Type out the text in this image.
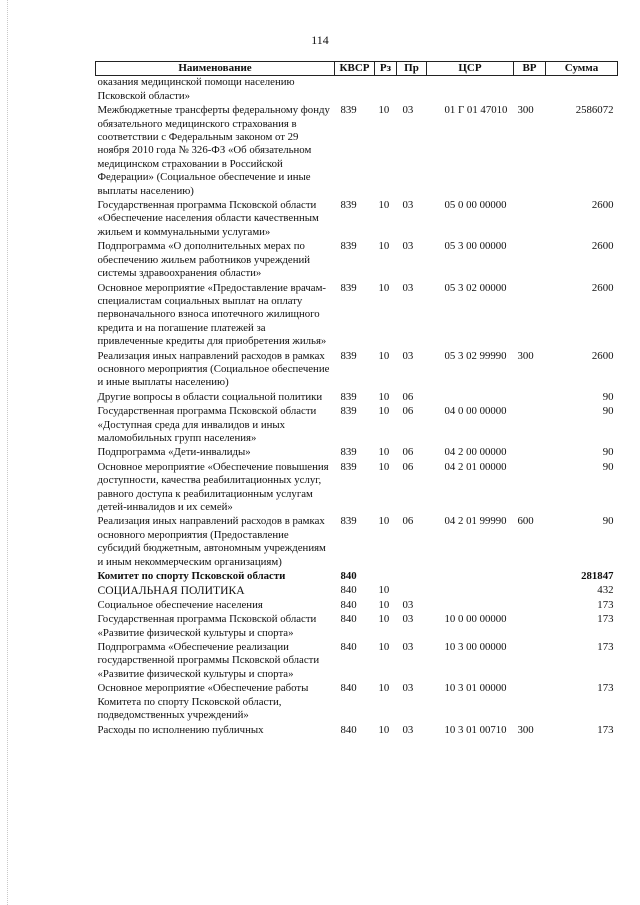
114
Наименование	КВСР	Рз	Пр	ЦСР	ВР	Сумма
оказания медицинской помощи населению Псковской области»						
Межбюджетные трансферты федеральному фонду обязательного медицинского страхования в соответствии с Федеральным законом от 29 ноября 2010 года № 326-ФЗ «Об обязательном медицинском страховании в Российской Федерации» (Социальное обеспечение и иные выплаты населению)	839	10	03	01 Г 01 47010	300	2586072
Государственная программа Псковской области «Обеспечение населения области качественным жильем и коммунальными услугами»	839	10	03	05 0 00 00000		2600
Подпрограмма «О дополнительных мерах по обеспечению жильем работников учреждений системы здравоохранения области»	839	10	03	05 3 00 00000		2600
Основное мероприятие «Предоставление врачам-специалистам социальных выплат на оплату первоначального взноса ипотечного жилищного кредита и на погашение платежей за привлеченные кредиты для приобретения жилья»	839	10	03	05 3 02 00000		2600
Реализация иных направлений расходов в рамках основного мероприятия (Социальное обеспечение и иные выплаты населению)	839	10	03	05 3 02 99990	300	2600
Другие вопросы в области социальной политики	839	10	06			90
Государственная программа Псковской области «Доступная среда для инвалидов и иных маломобильных групп населения»	839	10	06	04 0 00 00000		90
Подпрограмма «Дети-инвалиды»	839	10	06	04 2 00 00000		90
Основное мероприятие «Обеспечение повышения доступности, качества реабилитационных услуг, равного доступа к реабилитационным услугам детей-инвалидов и их семей»	839	10	06	04 2 01 00000		90
Реализация иных направлений расходов в рамках основного мероприятия (Предоставление субсидий бюджетным, автономным учреждениям и иным некоммерческим организациям)	839	10	06	04 2 01 99990	600	90
Комитет по спорту Псковской области	840					281847
СОЦИАЛЬНАЯ ПОЛИТИКА	840	10				432
Социальное обеспечение населения	840	10	03			173
Государственная программа Псковской области «Развитие физической культуры и спорта»	840	10	03	10 0 00 00000		173
Подпрограмма «Обеспечение реализации государственной программы Псковской области «Развитие физической культуры и спорта»	840	10	03	10 3 00 00000		173
Основное мероприятие «Обеспечение работы Комитета по спорту Псковской области, подведомственных учреждений»	840	10	03	10 3 01 00000		173
Расходы по исполнению публичных	840	10	03	10 3 01 00710	300	173
